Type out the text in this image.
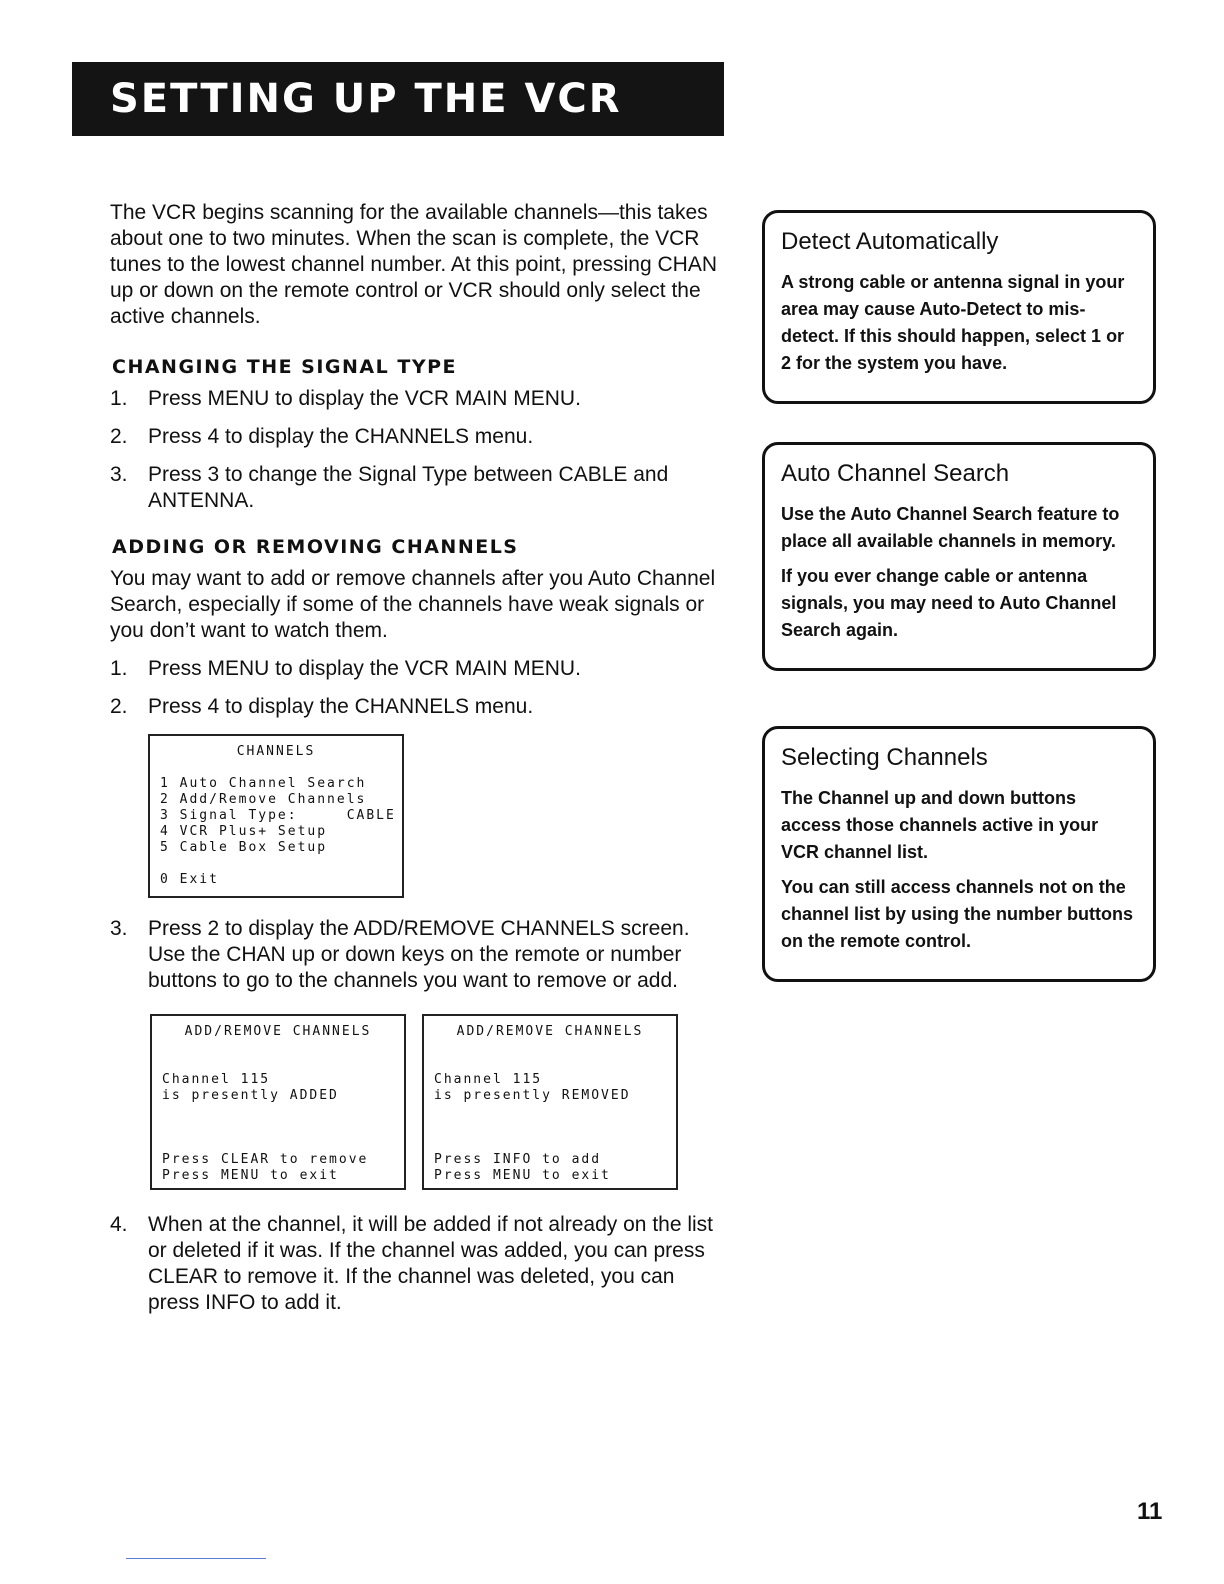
SETTING UP THE VCR

The VCR begins scanning for the available channels—this takes about one to two minutes. When the scan is complete, the VCR tunes to the lowest channel number. At this point, pressing CHAN up or down on the remote control or VCR should only select the active channels.

CHANGING THE SIGNAL TYPE
1. Press MENU to display the VCR MAIN MENU.
2. Press 4 to display the CHANNELS menu.
3. Press 3 to change the Signal Type between CABLE and ANTENNA.
ADDING OR REMOVING CHANNELS

You may want to add or remove channels after you Auto Channel Search, especially if some of the channels have weak signals or you don’t want to watch them.

1. Press MENU to display the VCR MAIN MENU.
2. Press 4 to display the CHANNELS menu.
CHANNELS
1 Auto Channel Search
2 Add/Remove Channels
3 Signal Type:     CABLE
4 VCR Plus+ Setup
5 Cable Box Setup
0 Exit
3. Press 2 to display the ADD/REMOVE CHANNELS screen. Use the CHAN up or down keys on the remote or number buttons to go to the channels you want to remove or add.
ADD/REMOVE CHANNELS
Channel 115
is presently ADDED
Press CLEAR to remove
Press MENU to exit
ADD/REMOVE CHANNELS
Channel 115
is presently REMOVED
Press INFO to add
Press MENU to exit
4. When at the channel, it will be added if not already on the list or deleted if it was. If the channel was added, you can press CLEAR to remove it. If the channel was deleted, you can press INFO to add it.
Detect Automatically

A strong cable or antenna signal in your area may cause Auto-Detect to mis-detect. If this should happen, select 1 or 2 for the system you have.

Auto Channel Search

Use the Auto Channel Search feature to place all available channels in memory.

If you ever change cable or antenna signals, you may need to Auto Channel Search again.

Selecting Channels

The Channel up and down buttons access those channels active in your VCR channel list.

You can still access channels not on the channel list by using the number buttons on the remote control.

11
